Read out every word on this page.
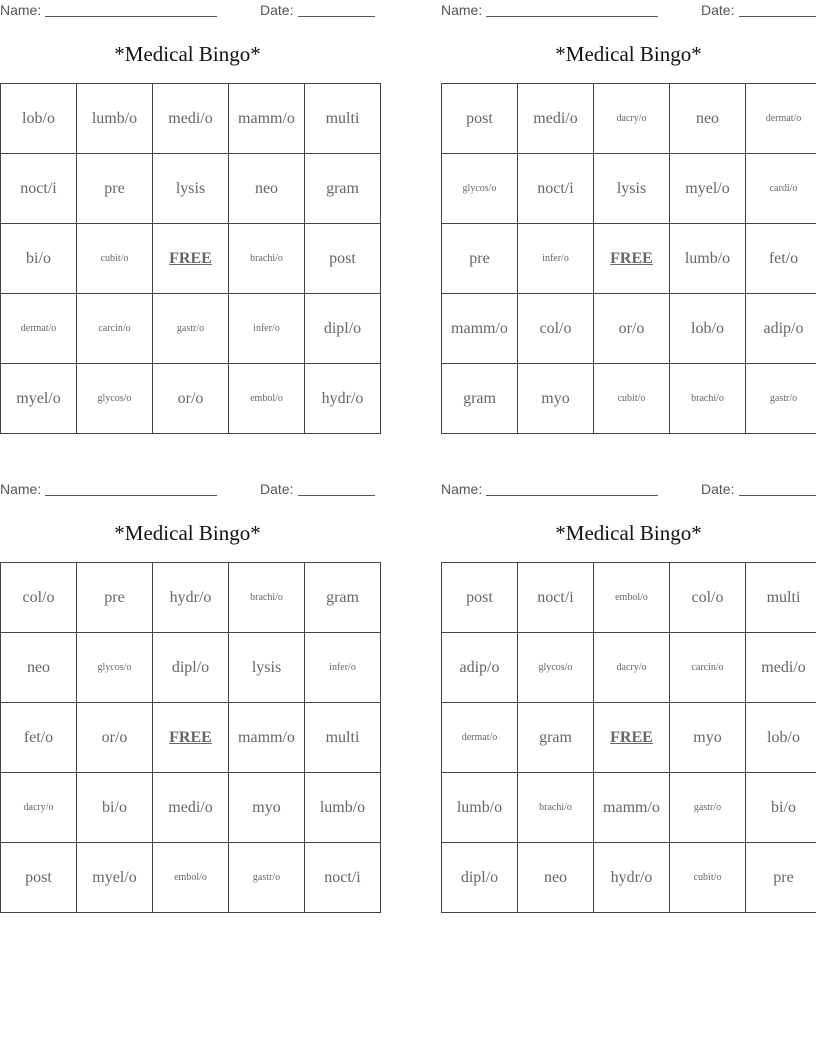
Name:	Date:
*Medical Bingo*
lob/o	lumb/o	medi/o	mamm/o	multi
noct/i	pre	lysis	neo	gram
bi/o	cubit/o	FREE	brachi/o	post
dermat/o	carcin/o	gastr/o	infer/o	dipl/o
myel/o	glycos/o	or/o	embol/o	hydr/o
Name:	Date:
*Medical Bingo*
post	medi/o	dacry/o	neo	dermat/o
glycos/o	noct/i	lysis	myel/o	cardi/o
pre	infer/o	FREE	lumb/o	fet/o
mamm/o	col/o	or/o	lob/o	adip/o
gram	myo	cubit/o	brachi/o	gastr/o
Name:	Date:
*Medical Bingo*
col/o	pre	hydr/o	brachi/o	gram
neo	glycos/o	dipl/o	lysis	infer/o
fet/o	or/o	FREE	mamm/o	multi
dacry/o	bi/o	medi/o	myo	lumb/o
post	myel/o	embol/o	gastr/o	noct/i
Name:	Date:
*Medical Bingo*
post	noct/i	embol/o	col/o	multi
adip/o	glycos/o	dacry/o	carcin/o	medi/o
dermat/o	gram	FREE	myo	lob/o
lumb/o	brachi/o	mamm/o	gastr/o	bi/o
dipl/o	neo	hydr/o	cubit/o	pre
